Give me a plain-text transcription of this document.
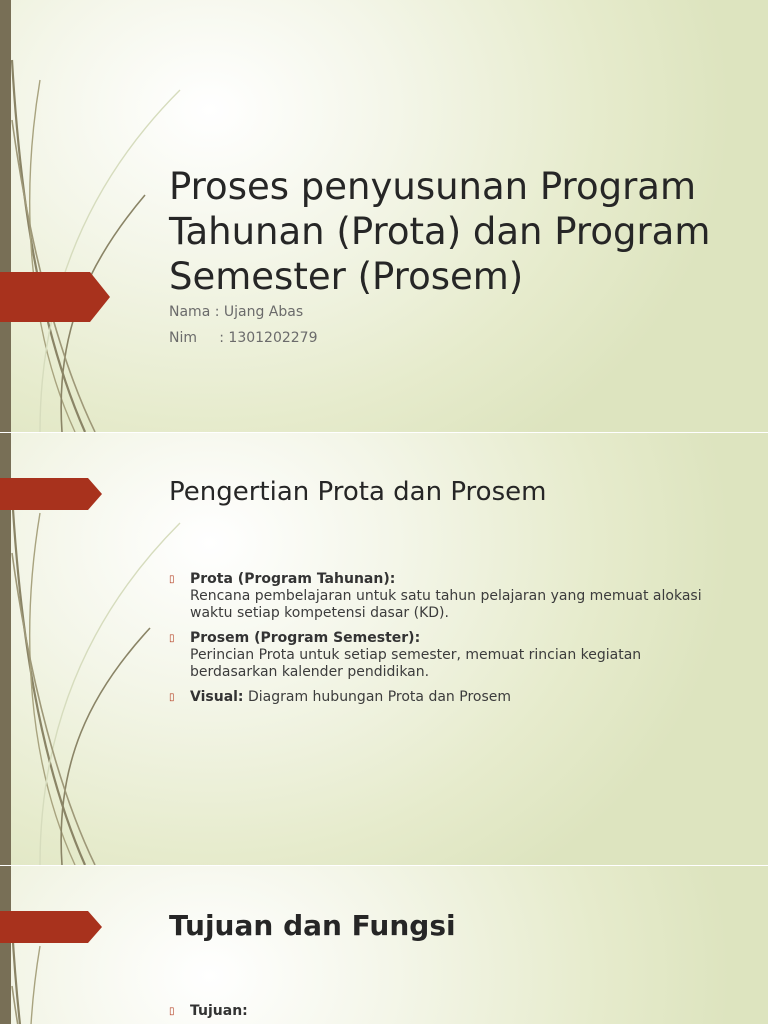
Proses penyusunan Program Tahunan (Prota) dan Program Semester (Prosem)

Nama : Ujang Abas

Nim     : 1301202279

Pengertian Prota dan Prosem
▯ Prota (Program Tahunan):
Rencana pembelajaran untuk satu tahun pelajaran yang memuat alokasi waktu setiap kompetensi dasar (KD).
▯ Prosem (Program Semester):
Perincian Prota untuk setiap semester, memuat rincian kegiatan berdasarkan kalender pendidikan.
▯ Visual: Diagram hubungan Prota dan Prosem
Tujuan dan Fungsi
▯ Tujuan:
